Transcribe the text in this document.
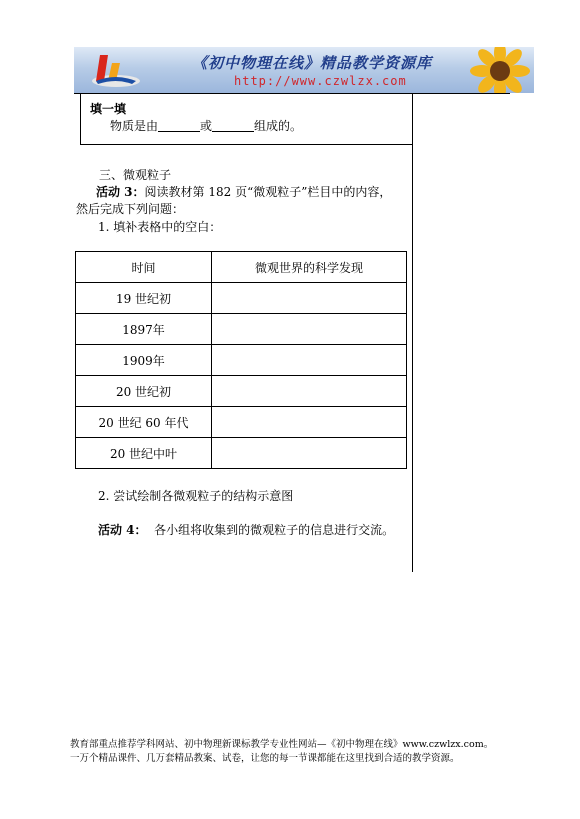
《初中物理在线》精品教学资源库
http://www.czwlzx.com
填一填
物质是由	或	组成的。
三、微观粒子
活动 3：阅读教材第 182 页“微观粒子”栏目中的内容，
然后完成下列问题：
1. 填补表格中的空白：
时间	微观世界的科学发现
19 世纪初	
1897年	
1909年	
20 世纪初	
20 世纪 60 年代	
20 世纪中叶	
2. 尝试绘制各微观粒子的结构示意图
活动 4： 各小组将收集到的微观粒子的信息进行交流。
教育部重点推荐学科网站、初中物理新课标教学专业性网站—《初中物理在线》www.czwlzx.com。
一万个精品课件、几万套精品教案、试卷，让您的每一节课都能在这里找到合适的教学资源。
